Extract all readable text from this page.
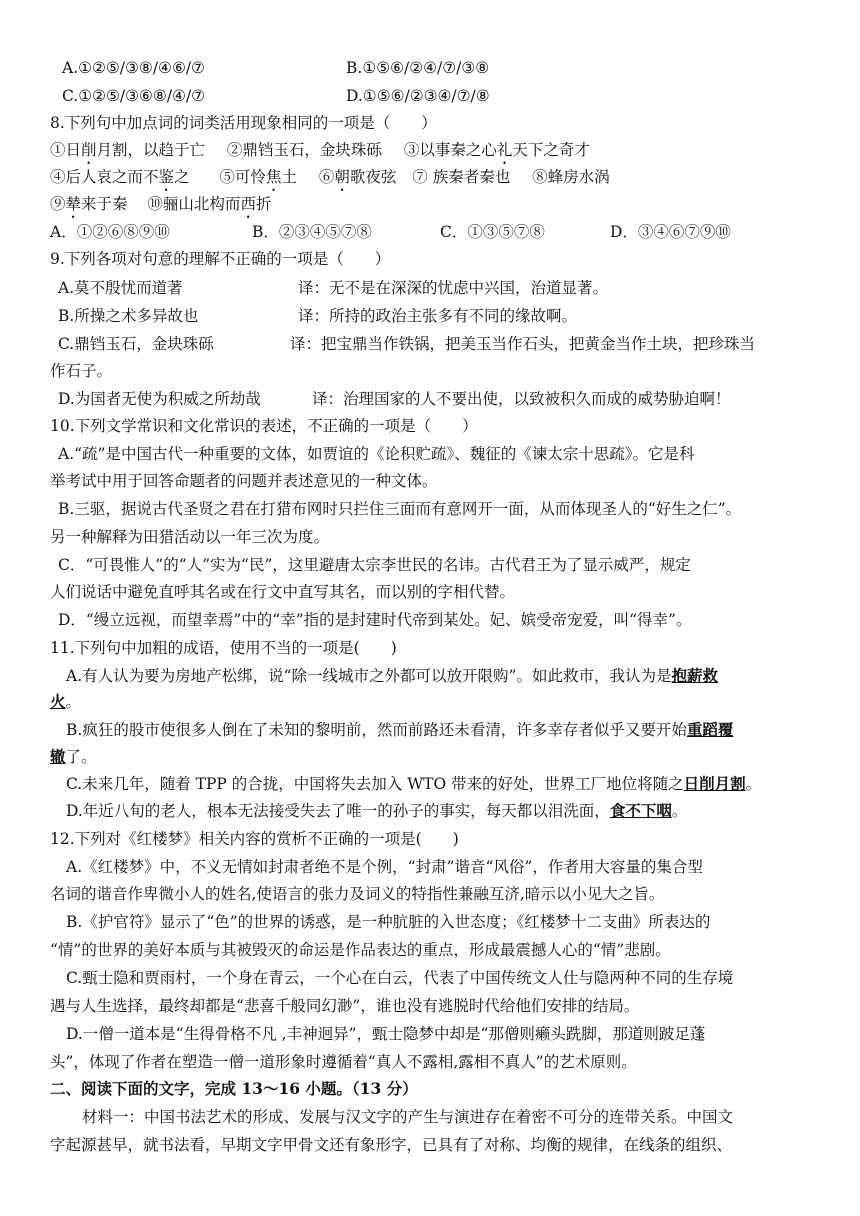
A.①②⑤/③⑧/④⑥/⑦	B.①⑤⑥/②④/⑦/③⑧
C.①②⑤/③⑥⑧/④/⑦	D.①⑤⑥/②③④/⑦/⑧
8.下列句中加点词的词类活用现象相同的一项是（　　）
①日削月割，以趋于亡 ②鼎铛玉石，金块珠砾 ③以事秦之心礼天下之奇才
④后人哀之而不鉴之 ⑤可怜焦土 ⑥朝歌夜弦 ⑦ 族秦者秦也 ⑧蜂房水涡
⑨辇来于秦 ⑩骊山北构而西折
A．①②⑥⑧⑨⑩	B．②③④⑤⑦⑧	C．①③⑤⑦⑧	D．③④⑥⑦⑨⑩
9.下列各项对句意的理解不正确的一项是（　　）
A.莫不殷忧而道著	译：无不是在深深的忧虑中兴国，治道显著。
B.所操之术多异故也	译：所持的政治主张多有不同的缘故啊。
C.鼎铛玉石，金块珠砾	译：把宝鼎当作铁锅，把美玉当作石头，把黄金当作土块，把珍珠当
作石子。
D.为国者无使为积威之所劫哉	译：治理国家的人不要出使，以致被积久而成的威势胁迫啊！
10.下列文学常识和文化常识的表述，不正确的一项是（　　）
A.“疏”是中国古代一种重要的文体，如贾谊的《论积贮疏》、魏征的《谏太宗十思疏》。它是科
举考试中用于回答命题者的问题并表述意见的一种文体。
B.三驱，据说古代圣贤之君在打猎布网时只拦住三面而有意网开一面，从而体现圣人的“好生之仁”。
另一种解释为田猎活动以一年三次为度。
C．“可畏惟人”的“人”实为“民”，这里避唐太宗李世民的名讳。古代君王为了显示威严，规定
人们说话中避免直呼其名或在行文中直写其名，而以别的字相代替。
D．“缦立远视，而望幸焉”中的“幸”指的是封建时代帝到某处。妃、嫔受帝宠爱，叫“得幸”。
11.下列句中加粗的成语，使用不当的一项是(　　)
A.有人认为要为房地产松绑，说“除一线城市之外都可以放开限购”。如此救市，我认为是抱薪救
火。
B.疯狂的股市使很多人倒在了未知的黎明前，然而前路还未看清，许多幸存者似乎又要开始重蹈覆
辙了。
C.未来几年，随着 TPP 的合拢，中国将失去加入 WTO 带来的好处，世界工厂地位将随之日削月割。
D.年近八旬的老人，根本无法接受失去了唯一的孙子的事实，每天都以泪洗面，食不下咽。
12.下列对《红楼梦》相关内容的赏析不正确的一项是(　　)
A.《红楼梦》中，不义无情如封肃者绝不是个例，“封肃”谐音“风俗”，作者用大容量的集合型
名词的谐音作卑微小人的姓名,使语言的张力及词义的特指性兼融互济,暗示以小见大之旨。
B.《护官符》显示了“色”的世界的诱惑，是一种肮脏的入世态度；《红楼梦十二支曲》所表达的
“情”的世界的美好本质与其被毁灭的命运是作品表达的重点，形成最震撼人心的“情”悲剧。
C.甄士隐和贾雨村，一个身在青云，一个心在白云，代表了中国传统文人仕与隐两种不同的生存境
遇与人生选择，最终却都是“悲喜千般同幻渺”，谁也没有逃脱时代给他们安排的结局。
D.一僧一道本是“生得骨格不凡 ,丰神迥异”，甄士隐梦中却是“那僧则癞头跣脚，那道则跛足蓬
头”，体现了作者在塑造一僧一道形象时遵循着“真人不露相,露相不真人”的艺术原则。
二、阅读下面的文字，完成 13～16 小题。（13 分）
材料一：中国书法艺术的形成、发展与汉文字的产生与演进存在着密不可分的连带关系。中国文
字起源甚早，就书法看，早期文字甲骨文还有象形字，已具有了对称、均衡的规律，在线条的组织、
